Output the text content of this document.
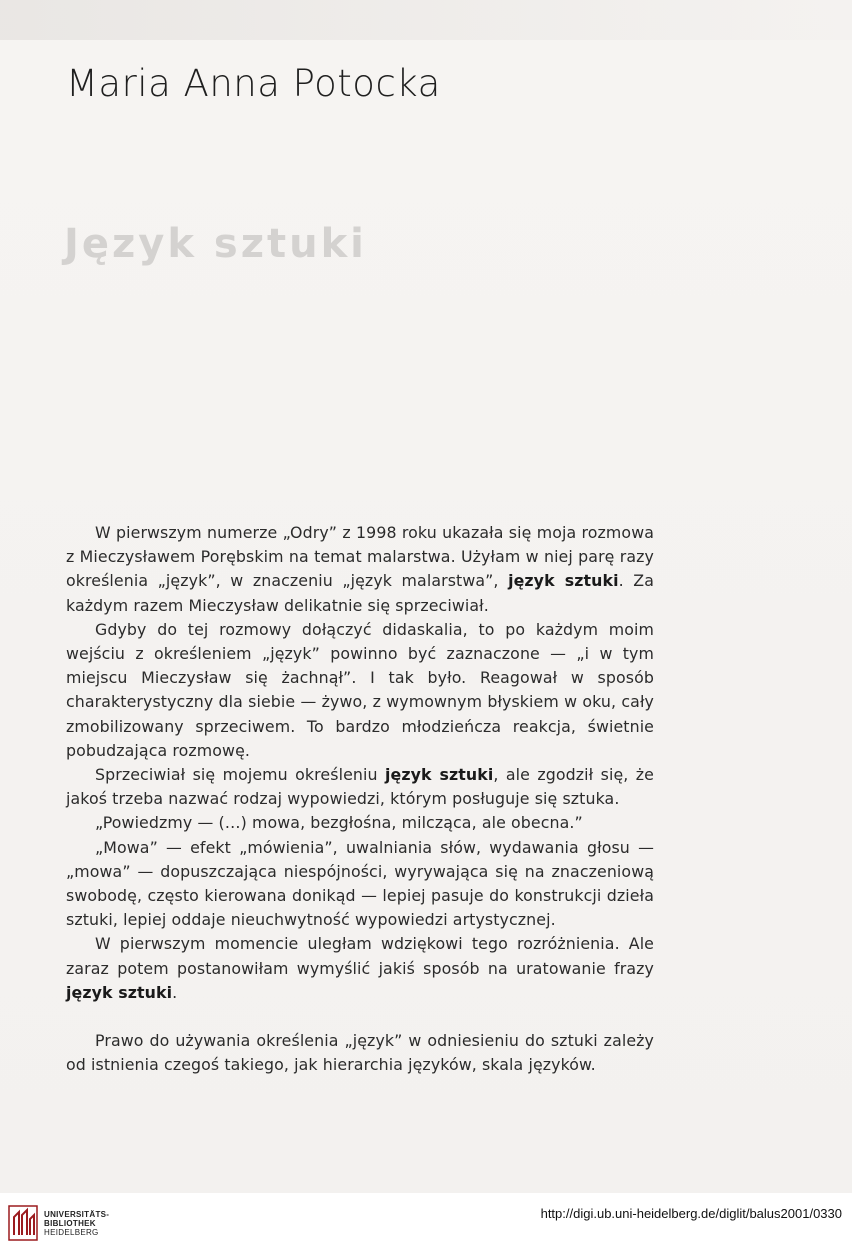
Maria Anna Potocka
Język sztuki

W pierwszym numerze „Odry” z 1998 roku ukazała się moja rozmowa z Mieczysławem Porębskim na temat malarstwa. Użyłam w niej parę razy określenia „język”, w znaczeniu „język malarstwa”, język sztuki. Za każdym razem Mieczysław delikatnie się sprzeciwiał.

Gdyby do tej rozmowy dołączyć didaskalia, to po każdym moim wejściu z określeniem „język” powinno być zaznaczone — „i w tym miejscu Mieczysław się żachnął”. I tak było. Reagował w sposób charakterystyczny dla siebie — żywo, z wymownym błyskiem w oku, cały zmobilizowany sprzeciwem. To bardzo młodzieńcza reakcja, świetnie pobudzająca rozmowę.

Sprzeciwiał się mojemu określeniu język sztuki, ale zgodził się, że jakoś trzeba nazwać rodzaj wypowiedzi, którym posługuje się sztuka.

„Powiedzmy — (…) mowa, bezgłośna, milcząca, ale obecna.”

„Mowa” — efekt „mówienia”, uwalniania słów, wydawania głosu — „mowa” — dopuszczająca niespójności, wyrywająca się na znaczeniową swobodę, często kierowana donikąd — lepiej pasuje do konstrukcji dzieła sztuki, lepiej oddaje nieuchwytność wypowiedzi artystycznej.

W pierwszym momencie uległam wdziękowi tego rozróżnienia. Ale zaraz potem postanowiłam wymyślić jakiś sposób na uratowanie frazy język sztuki.

Prawo do używania określenia „język” w odniesieniu do sztuki zależy od istnienia czegoś takiego, jak hierarchia języków, skala języków.

UNIVERSITÄTS-
BIBLIOTHEK
HEIDELBERG
http://digi.ub.uni-heidelberg.de/diglit/balus2001/0330
